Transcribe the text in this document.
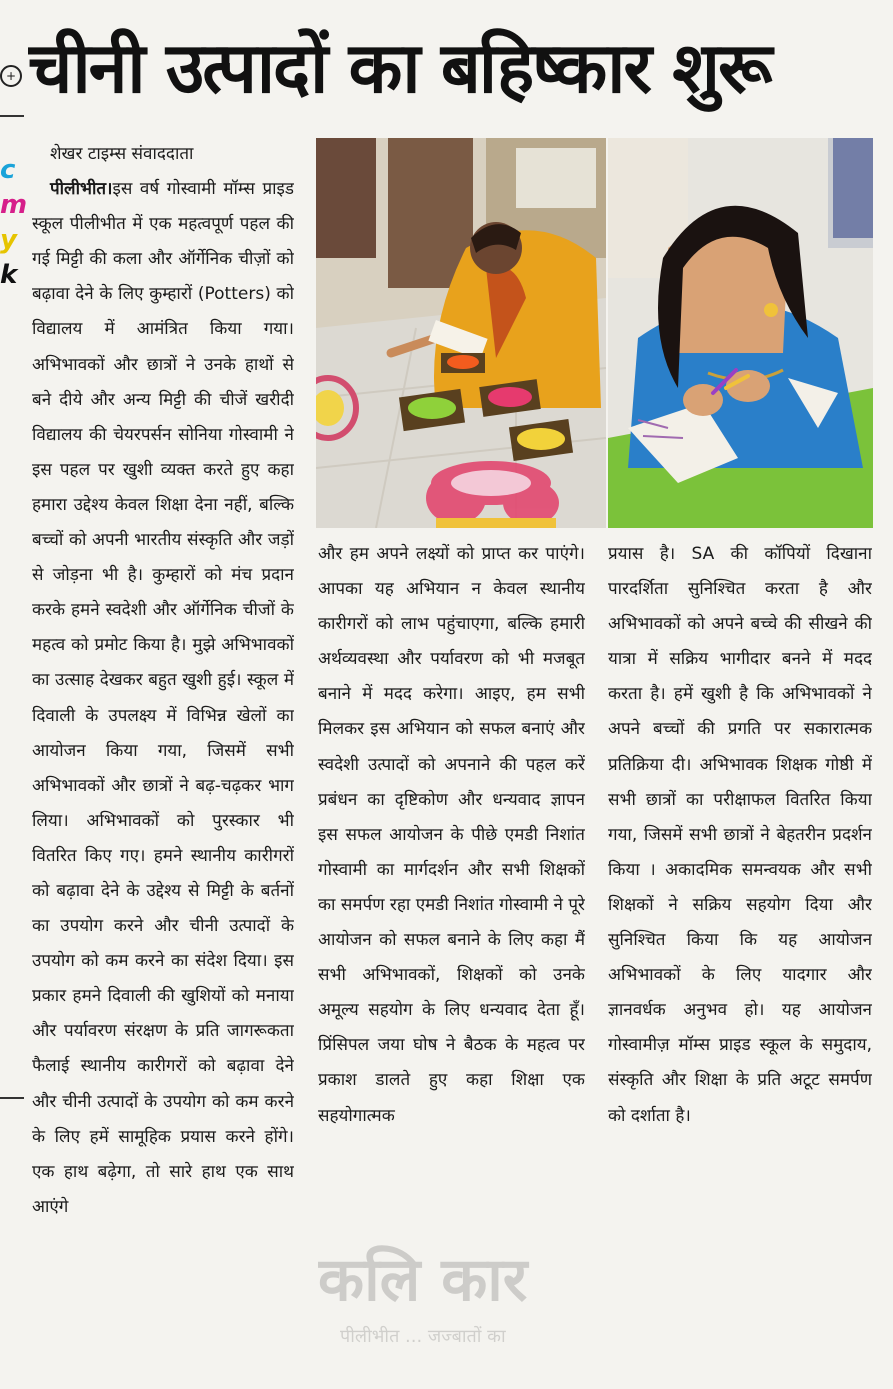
+
c
m
y
k
चीनी उत्पादों का बहिष्कार शुरू
शेखर टाइम्स संवाददाता
पीलीभीत।इस वर्ष गोस्वामी मॉम्स प्राइड स्कूल पीलीभीत में एक महत्वपूर्ण पहल की गई मिट्टी की कला और ऑर्गेनिक चीज़ों को बढ़ावा देने के लिए कुम्हारों (Potters) को विद्यालय में आमंत्रित किया गया। अभिभावकों और छात्रों ने उनके हाथों से बने दीये और अन्य मिट्टी की चीजें खरीदी विद्यालय की चेयरपर्सन सोनिया गोस्वामी ने इस पहल पर खुशी व्यक्त करते हुए कहा हमारा उद्देश्य केवल शिक्षा देना नहीं, बल्कि बच्चों को अपनी भारतीय संस्कृति और जड़ों से जोड़ना भी है। कुम्हारों को मंच प्रदान करके हमने स्वदेशी और ऑर्गेनिक चीजों के महत्व को प्रमोट किया है। मुझे अभिभावकों का उत्साह देखकर बहुत खुशी हुई। स्कूल में दिवाली के उपलक्ष्य में विभिन्न खेलों का आयोजन किया गया, जिसमें सभी अभिभावकों और छात्रों ने बढ़-चढ़कर भाग लिया। अभिभावकों को पुरस्कार भी वितरित किए गए। हमने स्थानीय कारीगरों को बढ़ावा देने के उद्देश्य से मिट्टी के बर्तनों का उपयोग करने और चीनी उत्पादों के उपयोग को कम करने का संदेश दिया। इस प्रकार हमने दिवाली की खुशियों को मनाया और पर्यावरण संरक्षण के प्रति जागरूकता फैलाई स्थानीय कारीगरों को बढ़ावा देने और चीनी उत्पादों के उपयोग को कम करने के लिए हमें सामूहिक प्रयास करने होंगे। एक हाथ बढ़ेगा, तो सारे हाथ एक साथ आएंगे
और हम अपने लक्ष्यों को प्राप्त कर पाएंगे। आपका यह अभियान न केवल स्थानीय कारीगरों को लाभ पहुंचाएगा, बल्कि हमारी अर्थव्यवस्था और पर्यावरण को भी मजबूत बनाने में मदद करेगा। आइए, हम सभी मिलकर इस अभियान को सफल बनाएं और स्वदेशी उत्पादों को अपनाने की पहल करें प्रबंधन का दृष्टिकोण और धन्यवाद ज्ञापन इस सफल आयोजन के पीछे एमडी निशांत गोस्वामी का मार्गदर्शन और सभी शिक्षकों का समर्पण रहा एमडी निशांत गोस्वामी ने पूरे आयोजन को सफल बनाने के लिए कहा मैं सभी अभिभावकों, शिक्षकों को उनके अमूल्य सहयोग के लिए धन्यवाद देता हूँ। प्रिंसिपल जया घोष ने बैठक के महत्व पर प्रकाश डालते हुए कहा शिक्षा एक सहयोगात्मक
प्रयास है। SA की कॉपियों दिखाना पारदर्शिता सुनिश्चित करता है और अभिभावकों को अपने बच्चे की सीखने की यात्रा में सक्रिय भागीदार बनने में मदद करता है। हमें खुशी है कि अभिभावकों ने अपने बच्चों की प्रगति पर सकारात्मक प्रतिक्रिया दी। अभिभावक शिक्षक गोष्ठी में सभी छात्रों का परीक्षाफल वितरित किया गया, जिसमें सभी छात्रों ने बेहतरीन प्रदर्शन किया । अकादमिक समन्वयक और सभी शिक्षकों ने सक्रिय सहयोग दिया और सुनिश्चित किया कि यह आयोजन अभिभावकों के लिए यादगार और ज्ञानवर्धक अनुभव हो। यह आयोजन गोस्वामीज़ मॉम्स प्राइड स्कूल के समुदाय, संस्कृति और शिक्षा के प्रति अटूट समर्पण को दर्शाता है।
कलि कार
पीलीभीत ... जज्बातों का
